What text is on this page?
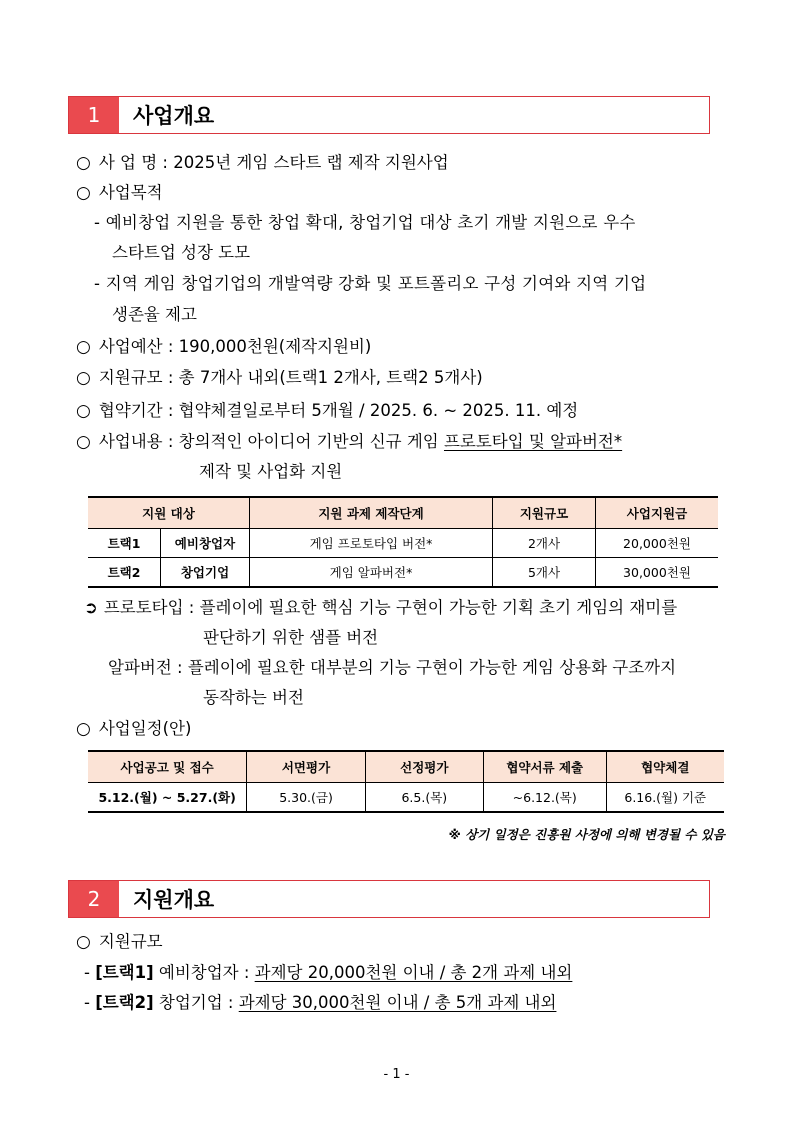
1	사업개요
○ 사 업 명 : 2025년 게임 스타트 랩 제작 지원사업
○ 사업목적
- 예비창업 지원을 통한 창업 확대, 창업기업 대상 초기 개발 지원으로 우수
스타트업 성장 도모
- 지역 게임 창업기업의 개발역량 강화 및 포트폴리오 구성 기여와 지역 기업
생존율 제고
○ 사업예산 : 190,000천원(제작지원비)
○ 지원규모 : 총 7개사 내외(트랙1 2개사, 트랙2 5개사)
○ 협약기간 : 협약체결일로부터 5개월 / 2025. 6. ~ 2025. 11. 예정
○ 사업내용 : 창의적인 아이디어 기반의 신규 게임 프로토타입 및 알파버전*
제작 및 사업화 지원
지원 대상		지원 과제 제작단계	지원규모	사업지원금
트랙1	예비창업자	게임 프로토타입 버전*	2개사	20,000천원
트랙2	창업기업	게임 알파버전*	5개사	30,000천원
➲ 프로토타입 : 플레이에 필요한 핵심 기능 구현이 가능한 기획 초기 게임의 재미를
판단하기 위한 샘플 버전
알파버전 : 플레이에 필요한 대부분의 기능 구현이 가능한 게임 상용화 구조까지
동작하는 버전
○ 사업일정(안)
사업공고 및 접수	서면평가	선정평가	협약서류 제출	협약체결
5.12.(월) ~ 5.27.(화)	5.30.(금)	6.5.(목)	~6.12.(목)	6.16.(월) 기준
※ 상기 일정은 진흥원 사정에 의해 변경될 수 있음
2	지원개요
○ 지원규모
- [트랙1] 예비창업자 : 과제당 20,000천원 이내 / 총 2개 과제 내외
- [트랙2] 창업기업 : 과제당 30,000천원 이내 / 총 5개 과제 내외
- 1 -
